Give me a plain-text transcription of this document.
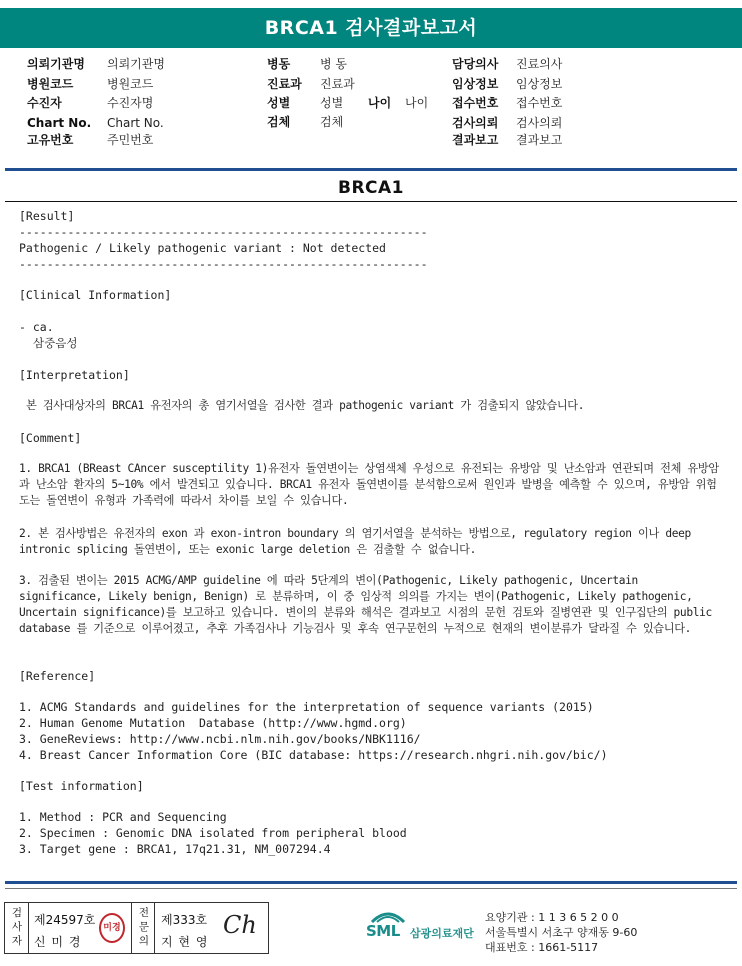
BRCA1 검사결과보고서
의뢰기관명 의뢰기관명
병원코드	병원코드
수진자	수진자명
Chart No. Chart No.
고유번호	주민번호
병동 병 동
진료과 진료과
성별 성별 나이 나이
검체 검체
담당의사 진료의사
임상정보 임상정보
접수번호 접수번호
검사의뢰 검사의뢰
결과보고 결과보고
BRCA1
[Result]
-----------------------------------------------------------
Pathogenic / Likely pathogenic variant : Not detected
-----------------------------------------------------------
[Clinical Information]
- ca.
삼중음성
[Interpretation]
본 검사대상자의 BRCA1 유전자의 총 염기서열을 검사한 결과 pathogenic variant 가 검출되지 않았습니다.
[Comment]
1. BRCA1 (BReast CAncer susceptility 1)유전자 돌연변이는 상염색체 우성으로 유전되는 유방암 및 난소암과 연관되며 전체 유방암과 난소암 환자의 5~10% 에서 발견되고 있습니다. BRCA1 유전자 돌연변이를 분석함으로써 원인과 발병을 예측할 수 있으며, 유방암 위험도는 돌연변이 유형과 가족력에 따라서 차이를 보일 수 있습니다.
2. 본 검사방법은 유전자의 exon 과 exon-intron boundary 의 염기서열을 분석하는 방법으로, regulatory region 이나 deep intronic splicing 돌연변이, 또는 exonic large deletion 은 검출할 수 없습니다.
3. 검출된 변이는 2015 ACMG/AMP guideline 에 따라 5단계의 변이(Pathogenic, Likely pathogenic, Uncertain significance, Likely benign, Benign) 로 분류하며, 이 중 임상적 의의를 가지는 변이(Pathogenic, Likely pathogenic, Uncertain significance)를 보고하고 있습니다. 변이의 분류와 해석은 결과보고 시점의 문헌 검토와 질병연관 및 인구집단의 public database 를 기준으로 이루어졌고, 추후 가족검사나 기능검사 및 후속 연구문헌의 누적으로 현재의 변이분류가 달라질 수 있습니다.
[Reference]
1. ACMG Standards and guidelines for the interpretation of sequence variants (2015)
2. Human Genome Mutation  Database (http://www.hgmd.org)
3. GeneReviews: http://www.ncbi.nlm.nih.gov/books/NBK1116/
4. Breast Cancer Information Core (BIC database: https://research.nhgri.nih.gov/bic/)
[Test information]
1. Method : PCR and Sequencing
2. Specimen : Genomic DNA isolated from peripheral blood
3. Target gene : BRCA1, 17q21.31, NM_007294.4
검사자
제24597호
신 미 경
미경
전문의
제333호
지 현 영
Ch	SML 삼광의료재단
요양기관 : 1 1 3 6 5 2 0 0
서울특별시 서초구 양재동 9-60
대표번호 : 1661-5117
